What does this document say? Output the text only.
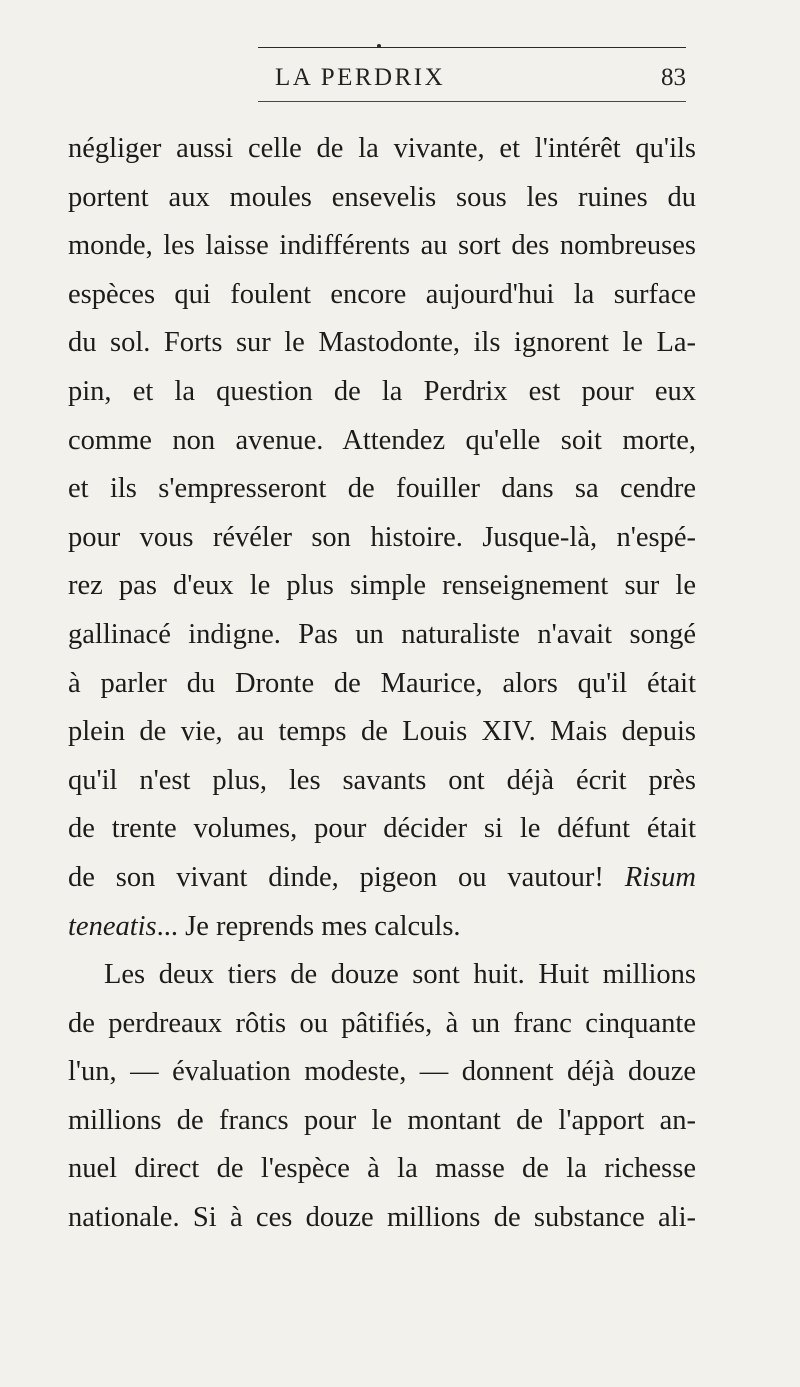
LA PERDRIX	83
négliger aussi celle de la vivante, et l'intérêt qu'ils
portent aux moules ensevelis sous les ruines du
monde, les laisse indifférents au sort des nombreuses
espèces qui foulent encore aujourd'hui la surface
du sol. Forts sur le Mastodonte, ils ignorent le La-
pin, et la question de la Perdrix est pour eux
comme non avenue. Attendez qu'elle soit morte,
et ils s'empresseront de fouiller dans sa cendre
pour vous révéler son histoire. Jusque-là, n'espé-
rez pas d'eux le plus simple renseignement sur le
gallinacé indigne. Pas un naturaliste n'avait songé
à parler du Dronte de Maurice, alors qu'il était
plein de vie, au temps de Louis XIV. Mais depuis
qu'il n'est plus, les savants ont déjà écrit près
de trente volumes, pour décider si le défunt était
de son vivant dinde, pigeon ou vautour! Risum
teneatis... Je reprends mes calculs.
Les deux tiers de douze sont huit. Huit millions
de perdreaux rôtis ou pâtifiés, à un franc cinquante
l'un, — évaluation modeste, — donnent déjà douze
millions de francs pour le montant de l'apport an-
nuel direct de l'espèce à la masse de la richesse
nationale. Si à ces douze millions de substance ali-
